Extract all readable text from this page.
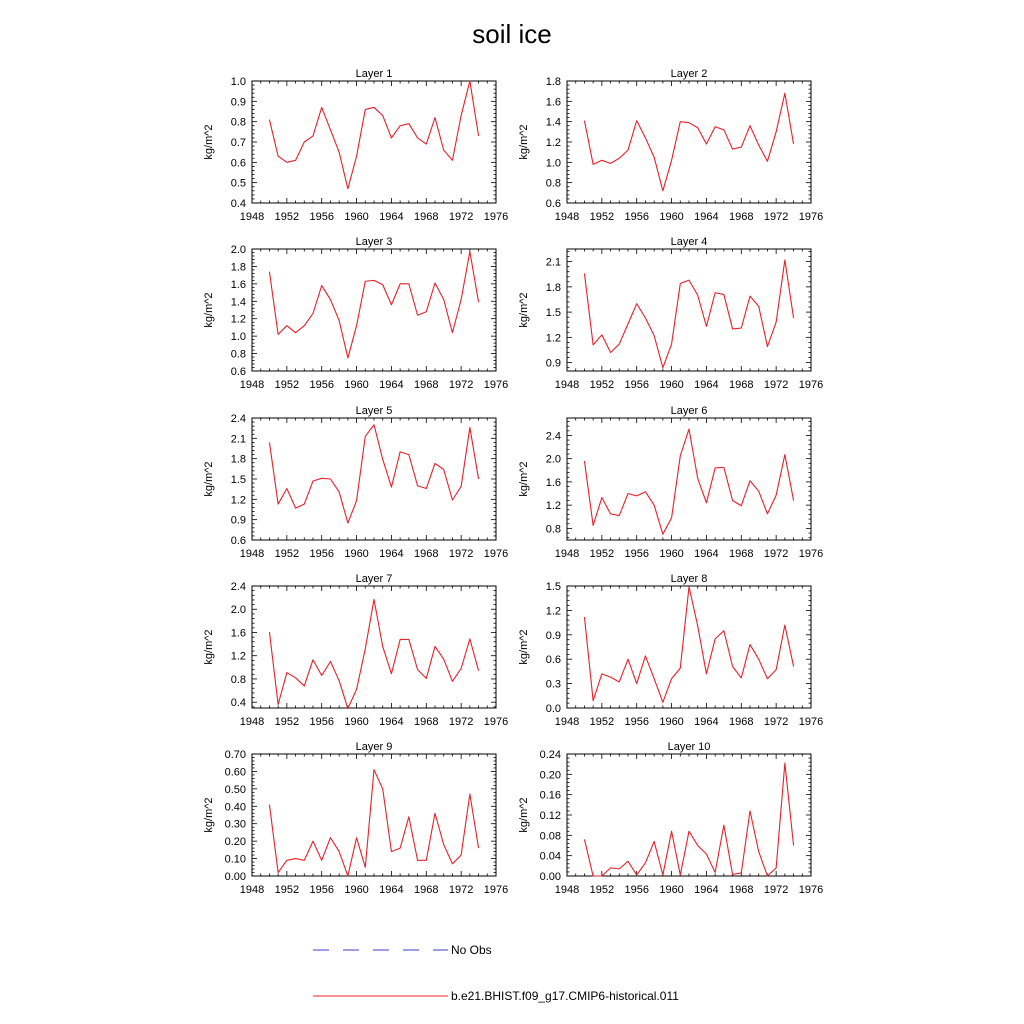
soil ice
Layer 1
kg/m^2
1948 1952 1956 1960 1964 1968 1972 1976
0.4
0.5
0.6
0.7
0.8
0.9
1.0
Layer 2
kg/m^2
1948 1952 1956 1960 1964 1968 1972 1976
0.6
0.8
1.0
1.2
1.4
1.6
1.8
Layer 3
kg/m^2
1948 1952 1956 1960 1964 1968 1972 1976
0.6
0.8
1.0
1.2
1.4
1.6
1.8
2.0
Layer 4
kg/m^2
1948 1952 1956 1960 1964 1968 1972 1976
0.9
1.2
1.5
1.8
2.1
Layer 5
kg/m^2
1948 1952 1956 1960 1964 1968 1972 1976
0.6
0.9
1.2
1.5
1.8
2.1
2.4
Layer 6
kg/m^2
1948 1952 1956 1960 1964 1968 1972 1976
0.8
1.2
1.6
2.0
2.4
Layer 7
kg/m^2
1948 1952 1956 1960 1964 1968 1972 1976
0.4
0.8
1.2
1.6
2.0
2.4
Layer 8
kg/m^2
1948 1952 1956 1960 1964 1968 1972 1976
0.0
0.3
0.6
0.9
1.2
1.5
Layer 9
kg/m^2
1948 1952 1956 1960 1964 1968 1972 1976
0.00
0.10
0.20
0.30
0.40
0.50
0.60
0.70
Layer 10
kg/m^2
1948 1952 1956 1960 1964 1968 1972 1976
0.00
0.04
0.08
0.12
0.16
0.20
0.24
No Obs
b.e21.BHIST.f09_g17.CMIP6-historical.011
